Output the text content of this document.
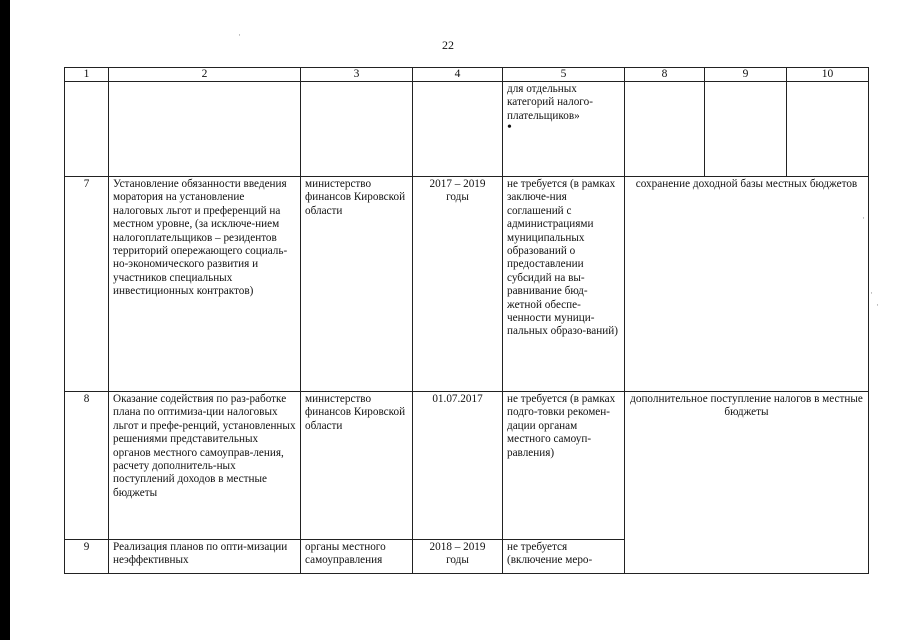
22
1	2	3	4	5	8	9	10
				для отдельных категорий налого-плательщиков»
•			

7	Установление обязанности введения моратория на установление налоговых льгот и преференций на местном уровне, (за исключе-нием налогоплательщиков – резидентов территорий опережающего социаль-но-экономического развития и участников специальных инвестиционных контрактов)	министерство финансов Кировской области	2017 – 2019 годы	не требуется (в рамках заключе-ния соглашений с администрациями муниципальных образований о предоставлении субсидий на вы-равнивание бюд-жетной обеспе-ченности муници-пальных образо-ваний)	сохранение доходной базы местных бюджетов		
8	Оказание содействия по раз-работке плана по оптимиза-ции налоговых льгот и префе-ренций, установленных решениями представительных органов местного самоуправ-ления, расчету дополнитель-ных поступлений доходов в местные бюджеты	министерство финансов Кировской области	01.07.2017	не требуется (в рамках подго-товки рекомен-дации органам местного самоуп-равления)	дополнительное поступление налогов в местные бюджеты		
9	Реализация планов по опти-мизации неэффективных	органы местного самоуправления	2018 – 2019 годы	не требуется (включение меро-			
·
·
·
·
